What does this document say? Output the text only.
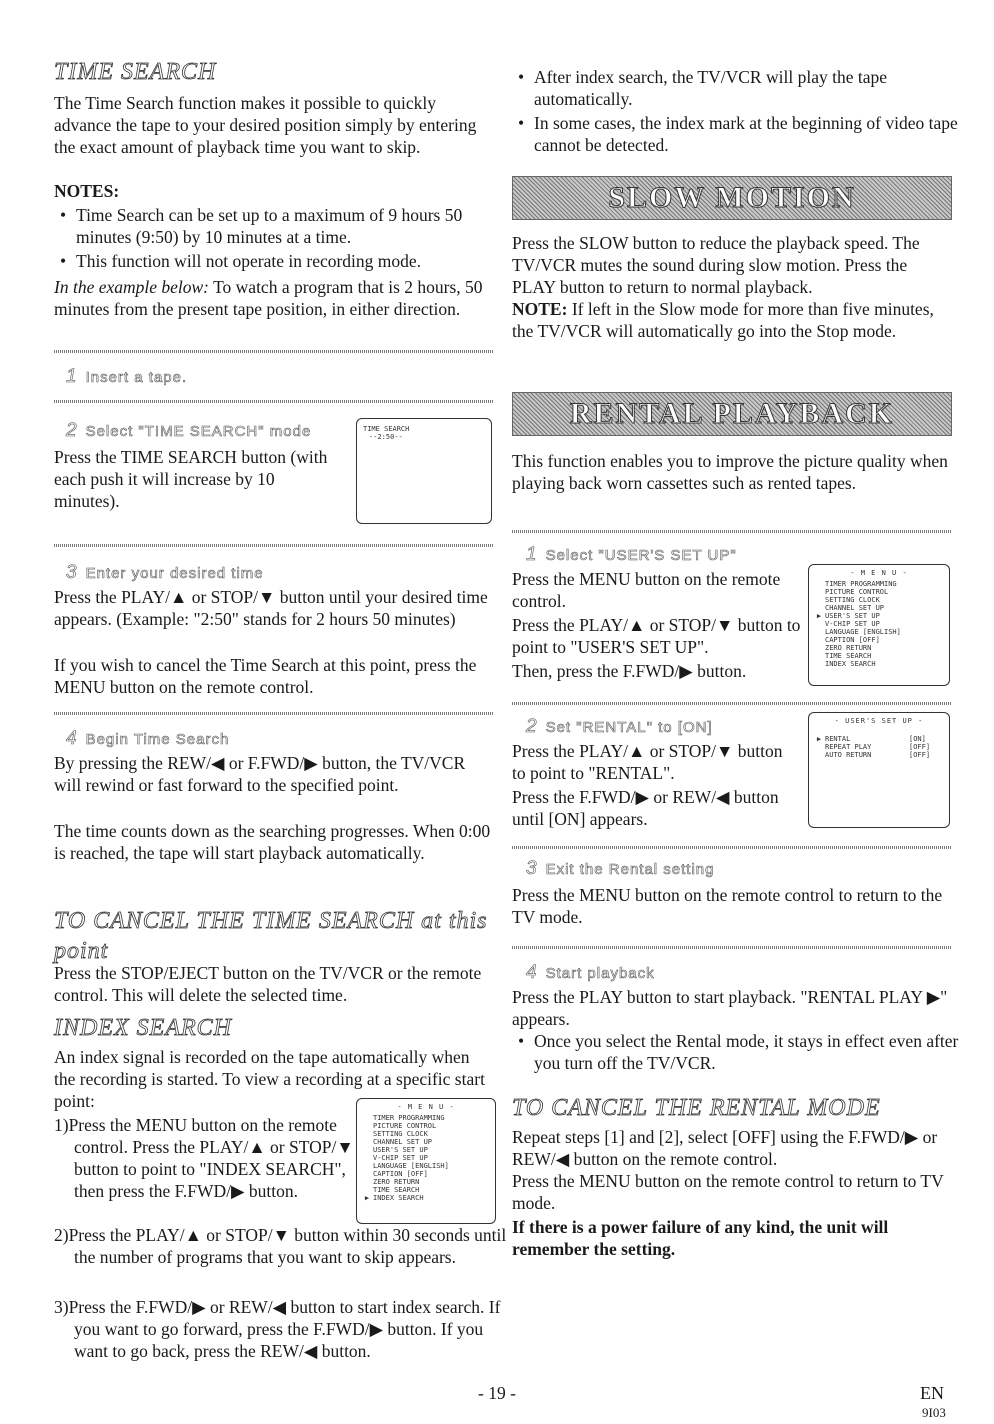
TIME SEARCH

The Time Search function makes it possible to quickly advance the tape to your desired position simply by entering the exact amount of playback time you want to skip.

NOTES:

• Time Search can be set up to a maximum of 9 hours 50 minutes (9:50) by 10 minutes at a time.

• This function will not operate in recording mode.

In the example below: To watch a program that is 2 hours, 50 minutes from the present tape position, in either direction.

1 Insert a tape.
2 Select "TIME SEARCH" mode

Press the TIME SEARCH button (with each push it will increase by 10 minutes).

TIME SEARCH
--2:50--
3 Enter your desired time

Press the PLAY/▲ or STOP/▼ button until your desired time appears. (Example: "2:50" stands for 2 hours 50 minutes)

If you wish to cancel the Time Search at this point, press the MENU button on the remote control.

4 Begin Time Search

By pressing the REW/◀ or F.FWD/▶ button, the TV/VCR will rewind or fast forward to the specified point.

The time counts down as the searching progresses. When 0:00 is reached, the tape will start playback automatically.

TO CANCEL THE TIME SEARCH at this point

Press the STOP/EJECT button on the TV/VCR or the remote control. This will delete the selected time.

INDEX SEARCH

An index signal is recorded on the tape automatically when the recording is started. To view a recording at a specific start point:

1)Press the MENU button on the remote control. Press the PLAY/▲ or STOP/▼ button to point to "INDEX SEARCH", then press the F.FWD/▶ button.

2)Press the PLAY/▲ or STOP/▼ button within 30 seconds until the number of programs that you want to skip appears.

3)Press the F.FWD/▶ or REW/◀ button to start index search. If you want to go forward, press the F.FWD/▶ button. If you want to go back, press the REW/◀ button.

- M E N U -
TIMER PROGRAMMING
PICTURE CONTROL
SETTING CLOCK
CHANNEL SET UP
USER'S SET UP
V-CHIP SET UP
LANGUAGE [ENGLISH]
CAPTION [OFF]
ZERO RETURN
TIME SEARCH
▶ INDEX SEARCH

• After index search, the TV/VCR will play the tape automatically.

• In some cases, the index mark at the beginning of video tape cannot be detected.

SLOW MOTION

Press the SLOW button to reduce the playback speed. The TV/VCR mutes the sound during slow motion. Press the PLAY button to return to normal playback.

NOTE: If left in the Slow mode for more than five minutes, the TV/VCR will automatically go into the Stop mode.

RENTAL PLAYBACK

This function enables you to improve the picture quality when playing back worn cassettes such as rented tapes.

1 Select "USER'S SET UP"

Press the MENU button on the remote control.

Press the PLAY/▲ or STOP/▼ button to point to "USER'S SET UP".

Then, press the F.FWD/▶ button.

- M E N U -
TIMER PROGRAMMING
PICTURE CONTROL
SETTING CLOCK
CHANNEL SET UP
▶ USER'S SET UP
V-CHIP SET UP
LANGUAGE [ENGLISH]
CAPTION [OFF]
ZERO RETURN
TIME SEARCH
INDEX SEARCH
2 Set "RENTAL" to [ON]

Press the PLAY/▲ or STOP/▼ button to point to "RENTAL".

Press the F.FWD/▶ or REW/◀ button until [ON] appears.

- USER'S SET UP -
▶ RENTAL	[ON]
REPEAT PLAY	[OFF]
AUTO RETURN	[OFF]
3 Exit the Rental setting

Press the MENU button on the remote control to return to the TV mode.

4 Start playback

Press the PLAY button to start playback. "RENTAL PLAY ▶" appears.

• Once you select the Rental mode, it stays in effect even after you turn off the TV/VCR.

TO CANCEL THE RENTAL MODE

Repeat steps [1] and [2], select [OFF] using the F.FWD/▶ or REW/◀ button on the remote control.

Press the MENU button on the remote control to return to TV mode.

If there is a power failure of any kind, the unit will remember the setting.

- 19 -	EN
9I03
